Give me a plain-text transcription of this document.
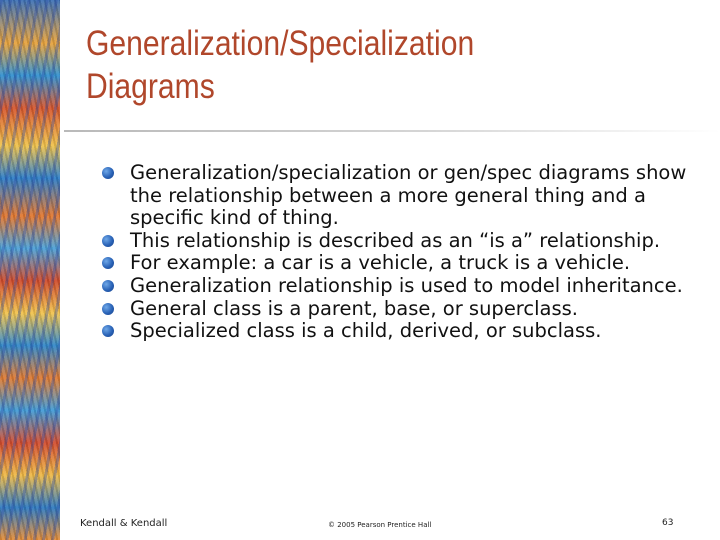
Generalization/Specialization
Diagrams
Generalization/specialization or gen/spec diagrams show the relationship between a more general thing and a specific kind of thing.
This relationship is described as an “is a” relationship.
For example: a car is a vehicle, a truck is a vehicle.
Generalization relationship is used to model inheritance.
General class is a parent, base, or superclass.
Specialized class is a child, derived, or subclass.
Kendall & Kendall	© 2005 Pearson Prentice Hall	63
